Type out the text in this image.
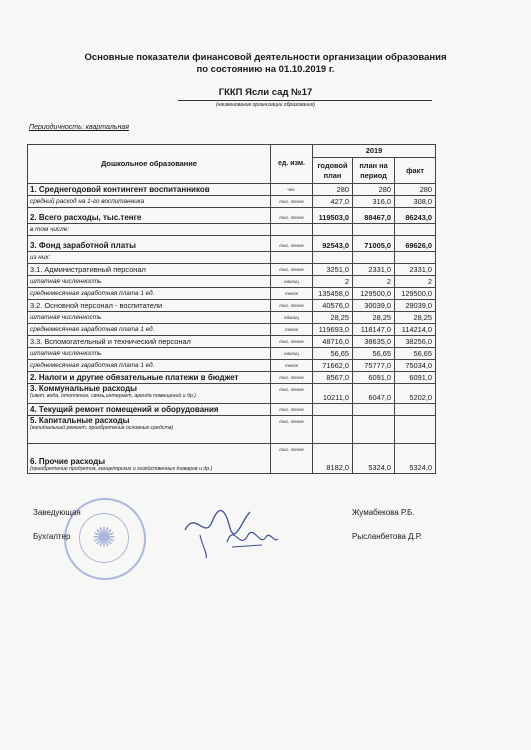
Основные показатели финансовой деятельности организации образования
по состоянию на 01.10.2019 г.
ГККП Ясли сад №17
(наименование организации образования)
Периодичность: квартальная
Дошкольное образование	ед. изм.	2019		
		годовой план	план на период	факт
1. Среднегодовой контингент воспитанников	чел.	280	280	280
средний расход на 1-го воспитанника	тыс. тенге	427,0	316,0	308,0
2. Всего расходы, тыс.тенге	тыс. тенге	119503,0	88467,0	86243,0
в том числе:				
3. Фонд заработной платы	тыс. тенге	92543,0	71005,0	69626,0
из них:				
3.1. Административный персонал	тыс. тенге	3251,0	2331,0	2331,0
штатная численность	единиц	2	2	2
среднемесячная заработная плата 1 ед.	тенге	135458,0	129500,0	129500,0
3.2. Основной персонал - воспитатели	тыс. тенге	40576,0	30039,0	29039,0
штатная численность	единиц	28,25	28,25	28,25
среднемесячная заработная плата 1 ед.	тенге	119693,0	118147,0	114214,0
3.3. Вспомогательный и технический персонал	тыс. тенге	48716,0	38635,0	38256,0
штатная численность	единиц	56,65	56,65	56,65
среднемесячная заработная плата 1 ед.	тенге	71662,0	75777,0	75034,0
2. Налоги и другие обязательные платежи в бюджет	тыс. тенге	8567,0	6091,0	6091,0
3. Коммунальные расходы
(свет, вода, отопление, связь,интернет, аренда помещений и др.)	тыс. тенге	10211,0	6047,0	5202,0
4. Текущий ремонт помещений и оборудования	тыс. тенге			
5. Капитальные расходы
(капитальный ремонт, приобретение основных средств)	тыс. тенге			
6. Прочие расходы
(приобретение продуктов, канцелярских и хозяйственных товаров и др.)	тыс. тенге	8182,0	5324,0	5324,0
✺
Заведующая	Жумабекова Р.Б.
Бухгалтер	Рысланбетова Д.Р.
